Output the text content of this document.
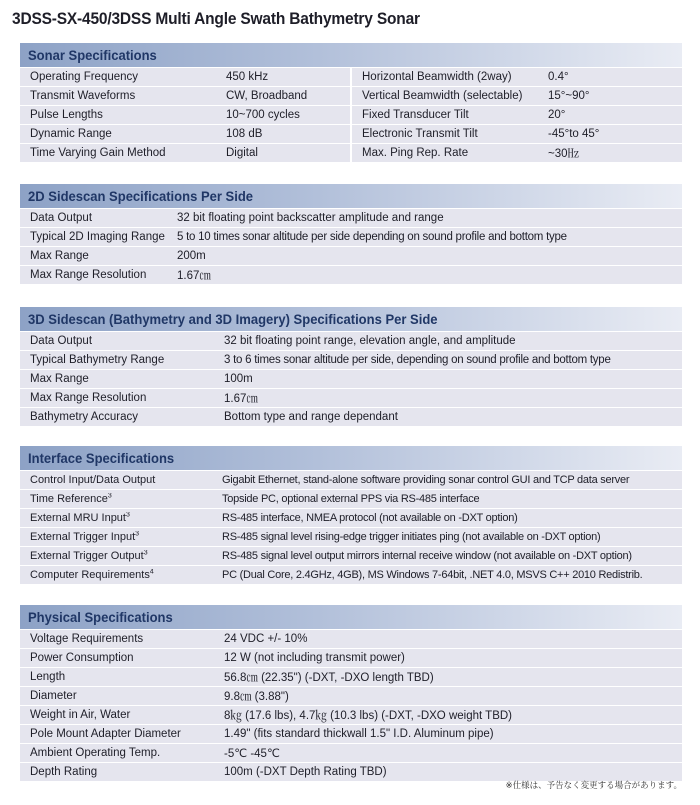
3DSS-SX-450/3DSS Multi Angle Swath Bathymetry Sonar
Sonar Specifications
Operating Frequency	450 kHz
Transmit Waveforms	CW, Broadband
Pulse Lengths	10~700 cycles
Dynamic Range	108 dB
Time Varying Gain Method	Digital
Horizontal Beamwidth (2way)	0.4°
Vertical Beamwidth (selectable)	15°~90°
Fixed Transducer Tilt	20°
Electronic Transmit Tilt	-45°to 45°
Max. Ping Rep. Rate	~30㎐
2D Sidescan Specifications Per Side
Data Output	32 bit floating point backscatter amplitude and range
Typical 2D Imaging Range	5 to 10 times sonar altitude per side depending on sound profile and bottom type
Max Range	200m
Max Range Resolution	1.67㎝
3D Sidescan (Bathymetry and 3D Imagery) Specifications Per Side
Data Output	32 bit floating point range, elevation angle, and amplitude
Typical Bathymetry Range	3 to 6 times sonar altitude per side, depending on sound profile and bottom type
Max Range	100m
Max Range Resolution	1.67㎝
Bathymetry Accuracy	Bottom type and range dependant
Interface Specifications
Control Input/Data Output	Gigabit Ethernet, stand-alone software providing sonar control GUI and TCP data server
Time Reference$^3$	Topside PC, optional external PPS via RS-485 interface
External MRU Input$^3$	RS-485 interface, NMEA protocol (not available on -DXT option)
External Trigger Input$^3$	RS-485 signal level rising-edge trigger initiates ping (not available on -DXT option)
External Trigger Output$^3$	RS-485 signal level output mirrors internal receive window (not available on -DXT option)
Computer Requirements$^4$	PC (Dual Core, 2.4GHz, 4GB), MS Windows 7-64bit, .NET 4.0, MSVS C++ 2010 Redistrib.
Physical Specifications
Voltage Requirements	24 VDC +/- 10%
Power Consumption	12 W (not including transmit power)
Length	56.8㎝ (22.35") (-DXT, -DXO length TBD)
Diameter	9.8㎝ (3.88")
Weight in Air, Water	8㎏ (17.6 lbs), 4.7㎏ (10.3 lbs) (-DXT, -DXO weight TBD)
Pole Mount Adapter Diameter	1.49" (fits standard thickwall 1.5" I.D. Aluminum pipe)
Ambient Operating Temp.	-5℃ -45℃
Depth Rating	100m (-DXT Depth Rating TBD)
※仕様は、予告なく変更する場合があります。
